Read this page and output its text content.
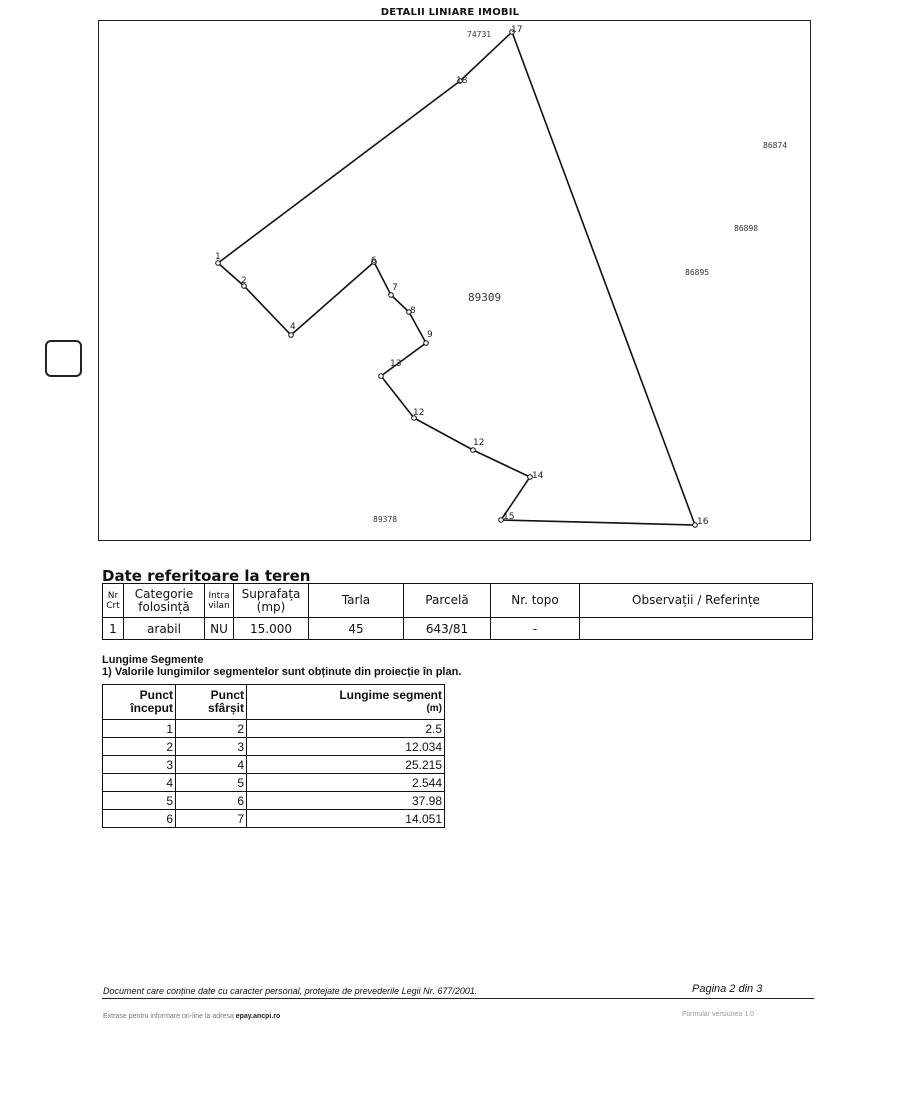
DETALII LINIARE IMOBIL
1
2
4
6
7
8
9
13
12
12
14
15	16
17
18
89309
74731
86874
86898
86895
89378
Date referitoare la teren
Nr Crt	Categorie folosință	Intra vilan	Suprafața (mp)	Tarla	Parcelă	Nr. topo	Observații / Referințe
1	arabil	NU	15.000	45	643/81	-	
Lungime Segmente
1) Valorile lungimilor segmentelor sunt obținute din proiecție în plan.
Punct început	Punct sfârșit	Lungime segment
(m)

1	2	2.5
2	3	12.034
3	4	25.215
4	5	2.544
5	6	37.98
6	7	14.051
Document care conține date cu caracter personal, protejate de prevederile Legii Nr. 677/2001.	Pagina 2 din 3
Extrase pentru informare on-line la adresa epay.ancpi.ro	Formular versiunea 1.0
